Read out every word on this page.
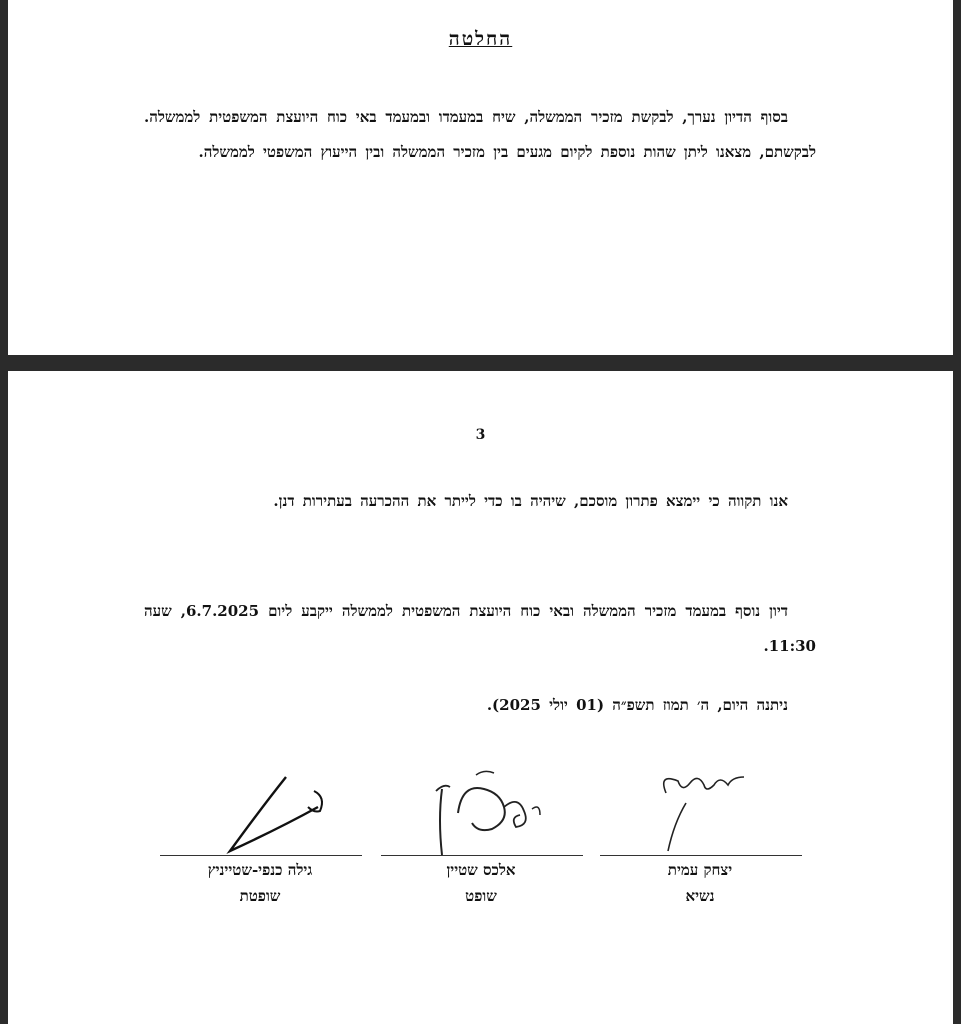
החלטה
בסוף הדיון נערך, לבקשת מזכיר הממשלה, שיח במעמדו ובמעמד באי כוח היועצת המשפטית לממשלה. לבקשתם, מצאנו ליתן שהות נוספת לקיום מגעים בין מזכיר הממשלה ובין הייעוץ המשפטי לממשלה.
3
אנו תקווה כי יימצא פתרון מוסכם, שיהיה בו כדי לייתר את ההכרעה בעתירות דנן.
דיון נוסף במעמד מזכיר הממשלה ובאי כוח היועצת המשפטית לממשלה ייקבע ליום 6.7.2025, שעה 11:30.
ניתנה היום, ה׳ תמוז תשפ״ה (01 יולי 2025).
יצחק עמית
נשיא
אלכס שטיין
שופט
גילה כנפי-שטייניץ
שופטת
